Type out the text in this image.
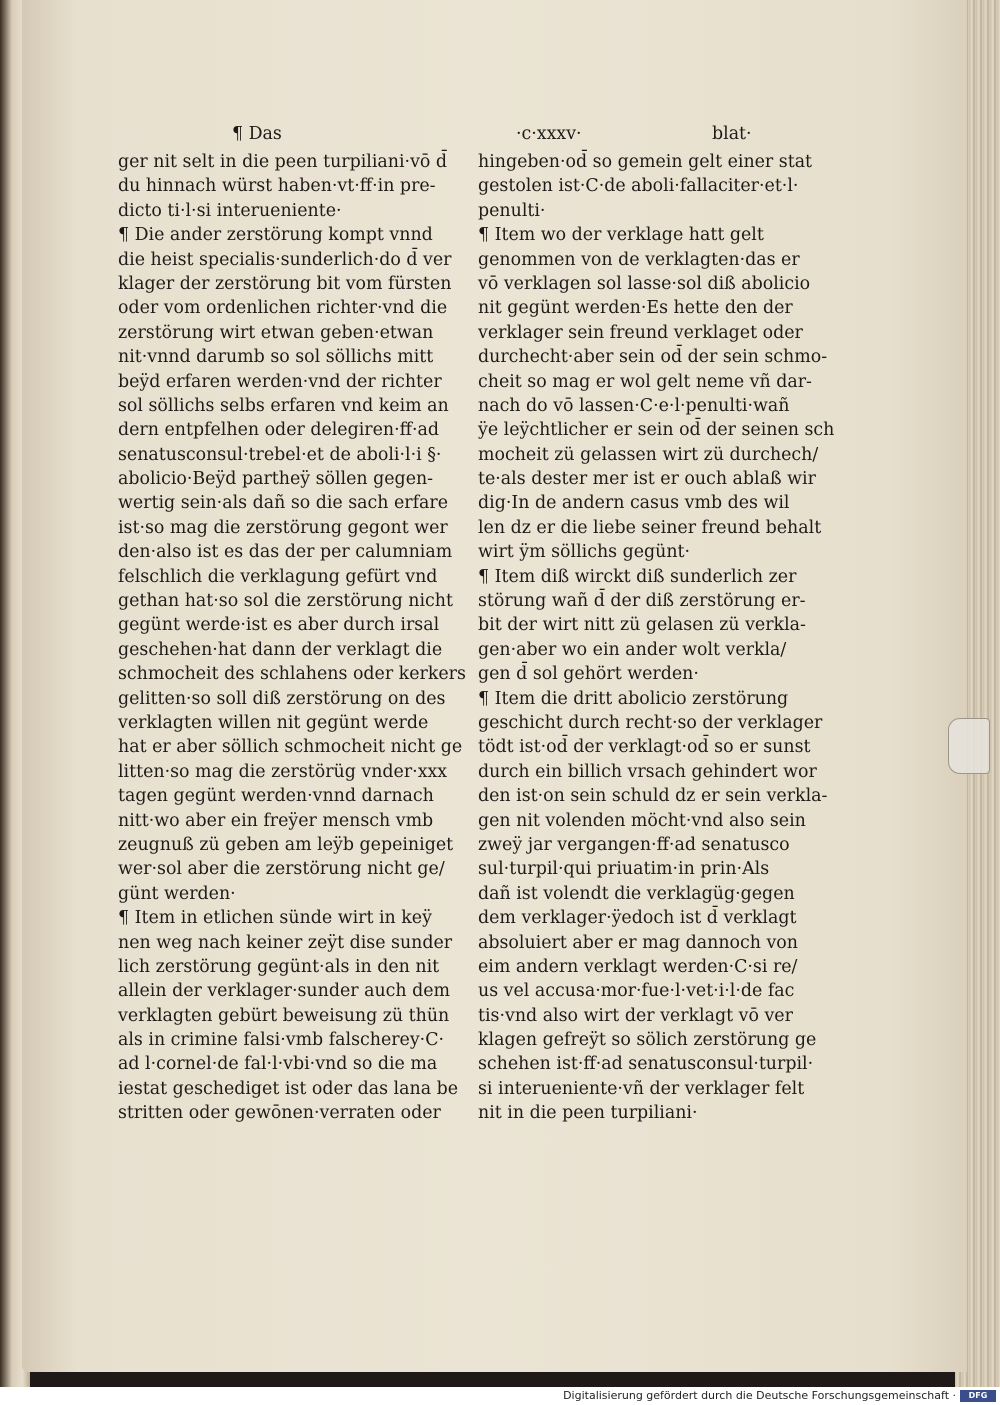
¶ Das	·c·xxxv·	blat·
ger nit selt in die peen turpiliani·vō d̄
du hinnach würst haben·vt·ff·in pre-
dicto ti·l·si interueniente·
¶ Die ander zerstörung kompt vnnd
die heist specialis·sunderlich·do d̄ ver
klager der zerstörung bit vom fürsten
oder vom ordenlichen richter·vnd die
zerstörung wirt etwan geben·etwan
nit·vnnd darumb so sol söllichs mitt
beÿd erfaren werden·vnd der richter
sol söllichs selbs erfaren vnd keim an
dern entpfelhen oder delegiren·ff·ad
senatusconsul·trebel·et de aboli·l·i §·
abolicio·Beÿd partheÿ söllen gegen-
wertig sein·als dañ so die sach erfare
ist·so mag die zerstörung gegont wer
den·also ist es das der per calumniam
felschlich die verklagung gefürt vnd
gethan hat·so sol die zerstörung nicht
gegünt werde·ist es aber durch irsal
geschehen·hat dann der verklagt die
schmocheit des schlahens oder kerkers
gelitten·so soll diß zerstörung on des
verklagten willen nit gegünt werde
hat er aber söllich schmocheit nicht ge
litten·so mag die zerstörüg vnder·xxx
tagen gegünt werden·vnnd darnach
nitt·wo aber ein freÿer mensch vmb
zeugnuß zü geben am leÿb gepeiniget
wer·sol aber die zerstörung nicht ge/
günt werden·
¶ Item in etlichen sünde wirt in keÿ
nen weg nach keiner zeÿt dise sunder
lich zerstörung gegünt·als in den nit
allein der verklager·sunder auch dem
verklagten gebürt beweisung zü thün
als in crimine falsi·vmb falscherey·C·
ad l·cornel·de fal·l·vbi·vnd so die ma
iestat geschediget ist oder das lana be
stritten oder gewōnen·verraten oder
hingeben·od̄ so gemein gelt einer stat
gestolen ist·C·de aboli·fallaciter·et·l·
penulti·
¶ Item wo der verklage hatt gelt
genommen von de verklagten·das er
vō verklagen sol lasse·sol diß abolicio
nit gegünt werden·Es hette den der
verklager sein freund verklaget oder
durchecht·aber sein od̄ der sein schmo-
cheit so mag er wol gelt neme vñ dar-
nach do vō lassen·C·e·l·penulti·wañ
ÿe leÿchtlicher er sein od̄ der seinen sch
mocheit zü gelassen wirt zü durchech/
te·als dester mer ist er ouch ablaß wir
dig·In de andern casus vmb des wil
len dz er die liebe seiner freund behalt
wirt ÿm söllichs gegünt·
¶ Item diß wirckt diß sunderlich zer
störung wañ d̄ der diß zerstörung er-
bit der wirt nitt zü gelasen zü verkla-
gen·aber wo ein ander wolt verkla/
gen d̄ sol gehört werden·
¶ Item die dritt abolicio zerstörung
geschicht durch recht·so der verklager
tödt ist·od̄ der verklagt·od̄ so er sunst
durch ein billich vrsach gehindert wor
den ist·on sein schuld dz er sein verkla-
gen nit volenden möcht·vnd also sein
zweÿ jar vergangen·ff·ad senatusco
sul·turpil·qui priuatim·in prin·Als
dañ ist volendt die verklagüg·gegen
dem verklager·ÿedoch ist d̄ verklagt
absoluiert aber er mag dannoch von
eim andern verklagt werden·C·si re/
us vel accusa·mor·fue·l·vet·i·l·de fac
tis·vnd also wirt der verklagt vō ver
klagen gefreÿt so sölich zerstörung ge
schehen ist·ff·ad senatusconsul·turpil·
si interueniente·vñ der verklager felt
nit in die peen turpiliani·
Digitalisierung gefördert durch die Deutsche Forschungsgemeinschaft ·	DFG
